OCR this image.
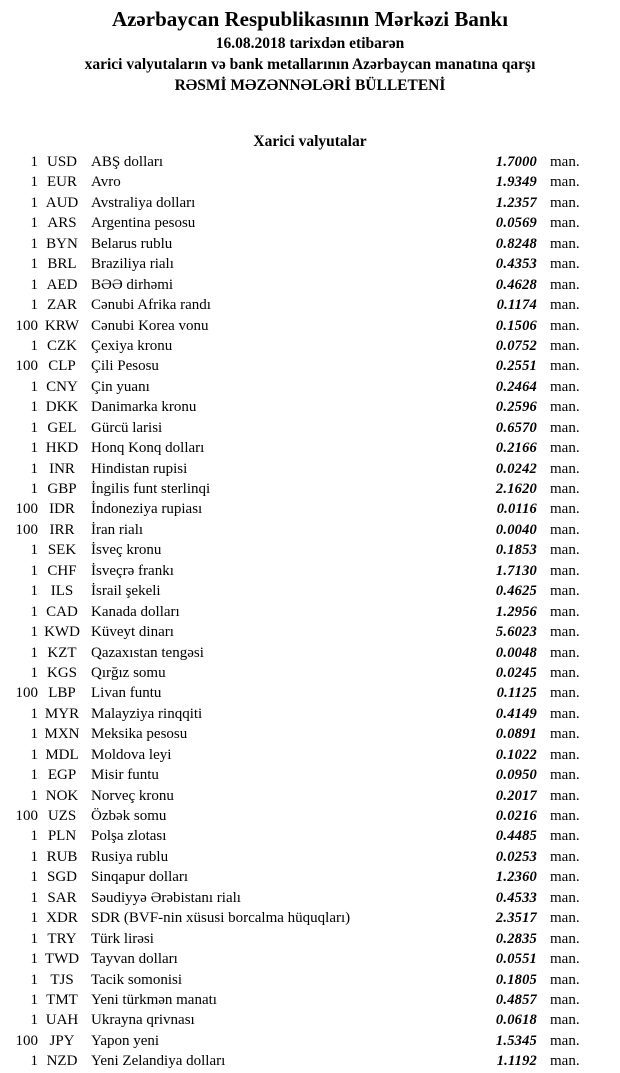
Azərbaycan Respublikasının Mərkəzi Bankı
16.08.2018 tarixdən etibarən
xarici valyutaların və bank metallarının Azərbaycan manatına qarşı
RƏSMİ MƏZƏNNƏLƏRİ BÜLLETENİ
Xarici valyutalar
1 USD ABŞ dolları	1.7000 man.
1 EUR Avro	1.9349 man.
1 AUD Avstraliya dolları	1.2357 man.
1 ARS Argentina pesosu	0.0569 man.
1 BYN Belarus rublu	0.8248 man.
1 BRL Braziliya rialı	0.4353 man.
1 AED BƏƏ dirhəmi	0.4628 man.
1 ZAR Cənubi Afrika randı	0.1174 man.
100 KRW Cənubi Korea vonu	0.1506 man.
1 CZK Çexiya kronu	0.0752 man.
100 CLP	Çili Pesosu	0.2551 man.
1 CNY Çin yuanı	0.2464 man.
1 DKK Danimarka kronu	0.2596 man.
1 GEL Gürcü larisi	0.6570 man.
1 HKD Honq Konq dolları	0.2166 man.
1 INR	Hindistan rupisi	0.0242 man.
1 GBP İngilis funt sterlinqi	2.1620 man.
100 IDR	İndoneziya rupiası	0.0116 man.
100 IRR	İran rialı	0.0040 man.
1 SEK İsveç kronu	0.1853 man.
1 CHF İsveçrə frankı	1.7130 man.
1 ILS	İsrail şekeli	0.4625 man.
1 CAD Kanada dolları	1.2956 man.
1 KWD Küveyt dinarı	5.6023 man.
1 KZT Qazaxıstan tengəsi	0.0048 man.
1 KGS Qırğız somu	0.0245 man.
100 LBP	Livan funtu	0.1125 man.
1 MYR Malayziya rinqqiti	0.4149 man.
1 MXN Meksika pesosu	0.0891 man.
1 MDL Moldova leyi	0.1022 man.
1 EGP Misir funtu	0.0950 man.
1 NOK Norveç kronu	0.2017 man.
100 UZS Özbək somu	0.0216 man.
1 PLN Polşa zlotası	0.4485 man.
1 RUB Rusiya rublu	0.0253 man.
1 SGD Sinqapur dolları	1.2360 man.
1 SAR Səudiyyə Ərəbistanı rialı	0.4533 man.
1 XDR SDR (BVF-nin xüsusi borcalma hüquqları)	2.3517 man.
1 TRY Türk lirəsi	0.2835 man.
1 TWD Tayvan dolları	0.0551 man.
1 TJS	Tacik somonisi	0.1805 man.
1 TMT Yeni türkmən manatı	0.4857 man.
1 UAH Ukrayna qrivnası	0.0618 man.
100 JPY	Yapon yeni	1.5345 man.
1 NZD Yeni Zelandiya dolları	1.1192 man.
